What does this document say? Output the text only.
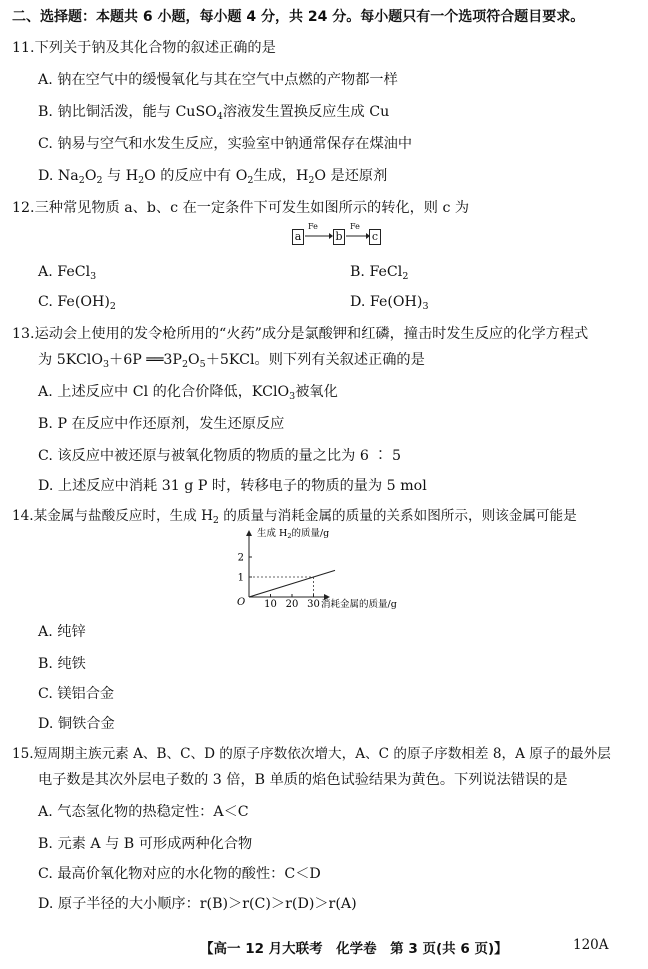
二、选择题：本题共 6 小题，每小题 4 分，共 24 分。每小题只有一个选项符合题目要求。
11.下列关于钠及其化合物的叙述正确的是
A. 钠在空气中的缓慢氧化与其在空气中点燃的产物都一样
B. 钠比铜活泼，能与 CuSO$_4$溶液发生置换反应生成 Cu
C. 钠易与空气和水发生反应，实验室中钠通常保存在煤油中
D. $Na_2O_2$ 与 $H_2O$ 的反应中有 $O_2$生成，$H_2O$ 是还原剂
12.三种常见物质 a、b、c 在一定条件下可发生如图所示的转化，则 c 为
a
Fe
b
Fe
c
A. FeCl$_3$	B. FeCl$_2$
C. $Fe(OH)_2$	D. $Fe(OH)_3$
13.运动会上使用的发令枪所用的“火药”成分是氯酸钾和红磷，撞击时发生反应的化学方程式
为 5KClO$_3$＋6P $══3P_2O_5+5KCl$。则下列有关叙述正确的是
A. 上述反应中 Cl 的化合价降低，KClO$_3$被氧化
B. P 在反应中作还原剂，发生还原反应
C. 该反应中被还原与被氧化物质的物质的量之比为 6 ∶ 5
D. 上述反应中消耗 31 g P 时，转移电子的物质的量为 5 mol
14.某金属与盐酸反应时，生成 $H_2$ 的质量与消耗金属的质量的关系如图所示，则该金属可能是
生成 $H_2$的质量/g
消耗金属的质量/g
O 10 20 30
1
2
A. 纯锌
B. 纯铁
C. 镁铝合金
D. 铜铁合金
15.短周期主族元素 A、B、C、D 的原子序数依次增大，A、C 的原子序数相差 8，A 原子的最外层
电子数是其次外层电子数的 3 倍，B 单质的焰色试验结果为黄色。下列说法错误的是
A. 气态氢化物的热稳定性：A＜C
B. 元素 A 与 B 可形成两种化合物
C. 最高价氧化物对应的水化物的酸性：C＜D
D. 原子半径的大小顺序：r(B)＞r(C)＞r(D)＞r(A)
【高一 12 月大联考　化学卷　第 3 页(共 6 页)】	120A
